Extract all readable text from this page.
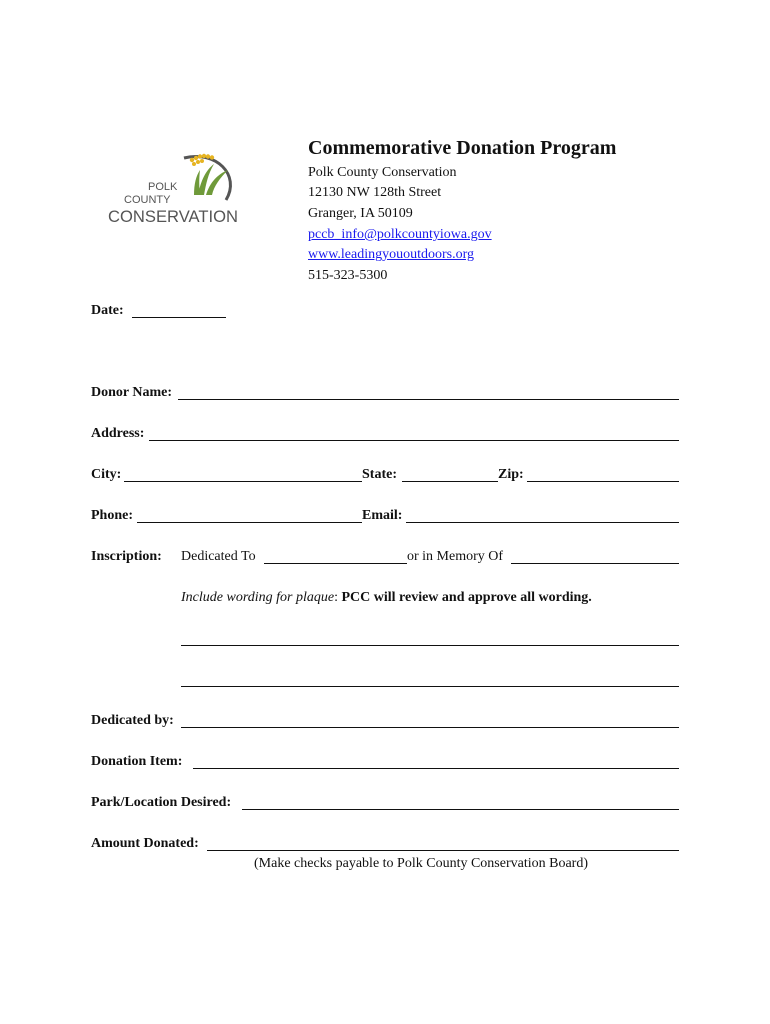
POLK
COUNTY
CONSERVATION
Commemorative Donation Program
Polk County Conservation
12130 NW 128th Street
Granger, IA 50109
pccb_info@polkcountyiowa.gov
www.leadingyououtdoors.org
515-323-5300
Date:
Donor Name:
Address:
City:	State:	Zip:
Phone:	Email:
Inscription: Dedicated To	or in Memory Of
Include wording for plaque: PCC will review and approve all wording.
Dedicated by:
Donation Item:
Park/Location Desired:
Amount Donated:
(Make checks payable to Polk County Conservation Board)
